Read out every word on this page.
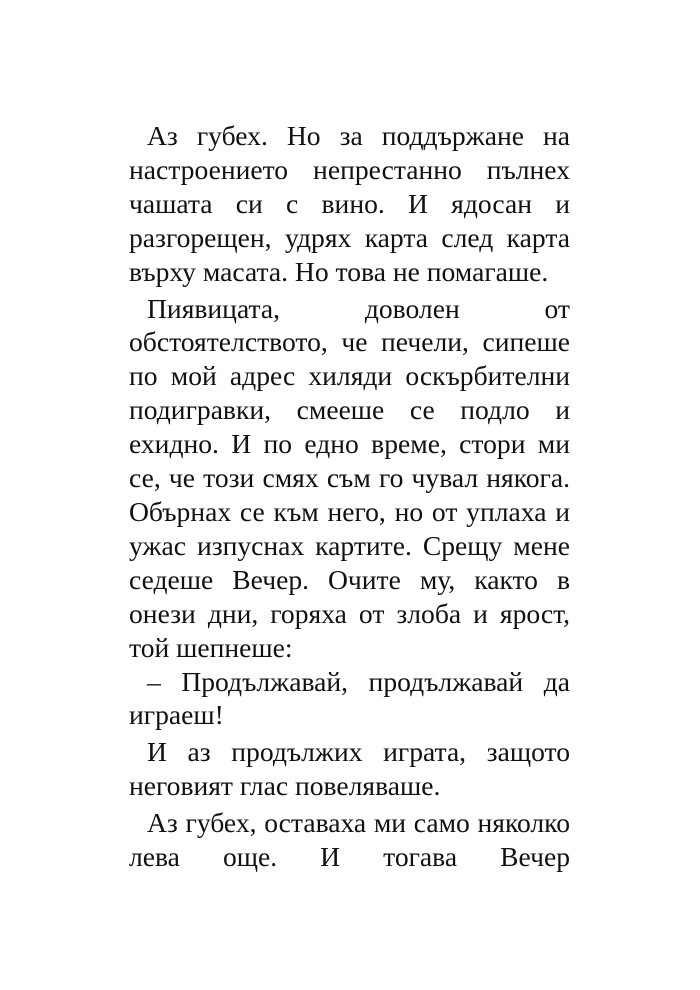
Аз губех. Но за поддържане на настроението непрестанно пълнех чашата си с вино. И ядосан и разгорещен, удрях карта след карта върху масата. Но това не помагаше.

Пиявицата, доволен от обстоятелството, че печели, сипеше по мой адрес хиляди оскърбителни подигравки, смееше се подло и ехидно. И по едно време, стори ми се, че този смях съм го чувал някога. Обърнах се към него, но от уплаха и ужас изпуснах картите. Срещу мене седеше Вечер. Очите му, както в онези дни, горяха от злоба и ярост, той шепнеше:

– Продължавай, продължавай да играеш!

И аз продължих играта, защото неговият глас повеляваше.

Аз губех, оставаха ми само няколко лева още. И тогава Вечер
